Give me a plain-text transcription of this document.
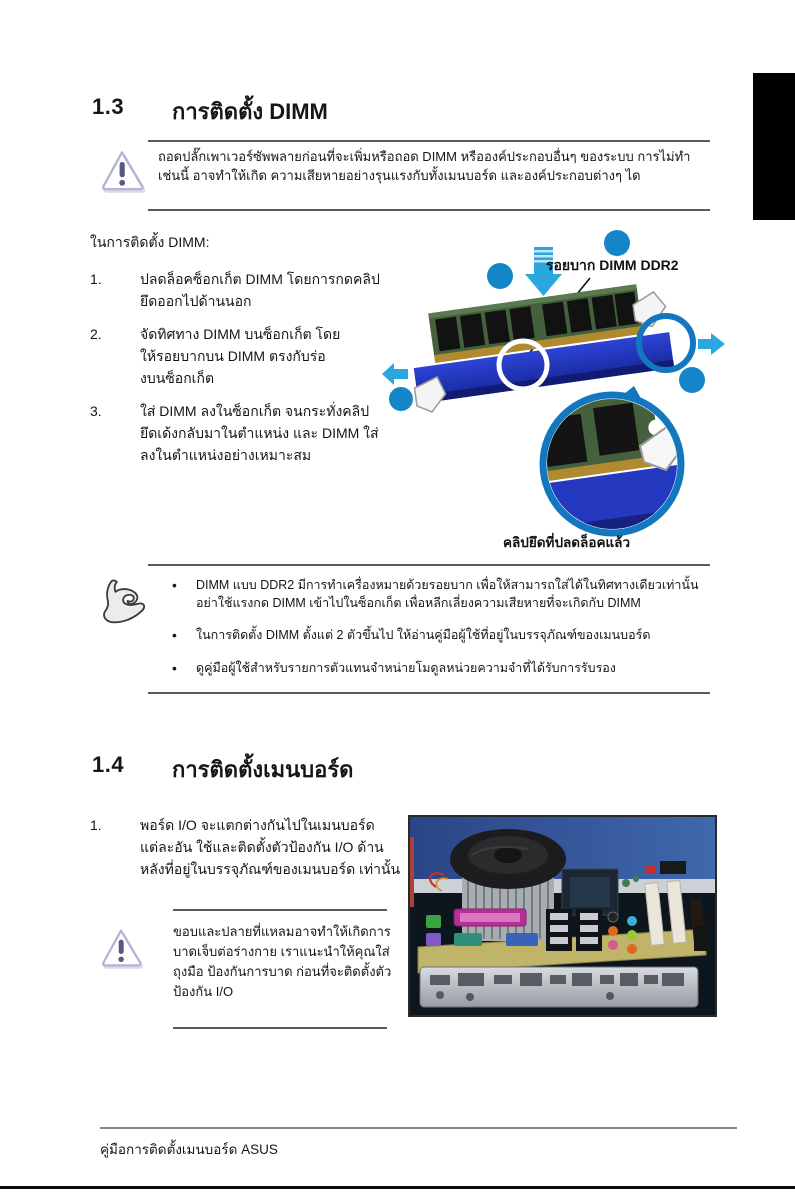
1.3 การติดตั้ง DIMM
ถอดปลั๊กเพาเวอร์ซัพพลายก่อนที่จะเพิ่มหรือถอด DIMM หรือองค์ประกอบอื่นๆ ของระบบ การไม่ทำเช่นนี้ อาจทำให้เกิด ความเสียหายอย่างรุนแรงกับทั้งเมนบอร์ด และองค์ประกอบต่างๆ ได
ในการติดตั้ง DIMM:
1.	ปลดล็อคซ็อกเก็ต DIMM โดยการกดคลิปยึดออกไปด้านนอก
2.	จัดทิศทาง DIMM บนซ็อกเก็ต โดยให้รอยบากบน DIMM ตรงกับร่องบนซ็อกเก็ต
3.	ใส่ DIMM ลงในซ็อกเก็ต จนกระทั่งคลิปยึดเด้งกลับมาในตำแหน่ง และ DIMM ใส่ ลงในตำแหน่งอย่างเหมาะสม
รอยบาก DIMM DDR2
คลิปยึดที่ปลดล็อคแล้ว
•
DIMM แบบ DDR2 มีการทำเครื่องหมายด้วยรอยบาก เพื่อให้สามารถใส่ได้ในทิศทางเดียวเท่านั้น อย่าใช้แรงกด DIMM เข้าไปในซ็อกเก็ต เพื่อหลีกเลี่ยงความเสียหายที่จะเกิดกับ DIMM
•
ในการติดตั้ง DIMM ตั้งแต่ 2 ตัวขึ้นไป ให้อ่านคู่มือผู้ใช้ที่อยู่ในบรรจุภัณฑ์ของเมนบอร์ด
•
ดูคู่มือผู้ใช้สำหรับรายการตัวแทนจำหน่ายโมดูลหน่วยความจำที่ได้รับการรับรอง
1.4 การติดตั้งเมนบอร์ด
1.	พอร์ด I/O จะแตกต่างกันไปในเมนบอร์ด แต่ละอัน ใช้และติดตั้งตัวป้องกัน I/O ด้านหลังที่อยู่ในบรรจุภัณฑ์ของเมนบอร์ด เท่านั้น
ขอบและปลายที่แหลมอาจทำให้เกิดการ บาดเจ็บต่อร่างกาย เราแนะนำให้คุณใส่ถุงมือ ป้องกันการบาด ก่อนที่จะติดตั้งตัวป้องกัน I/O
คู่มือการติดตั้งเมนบอร์ด ASUS
